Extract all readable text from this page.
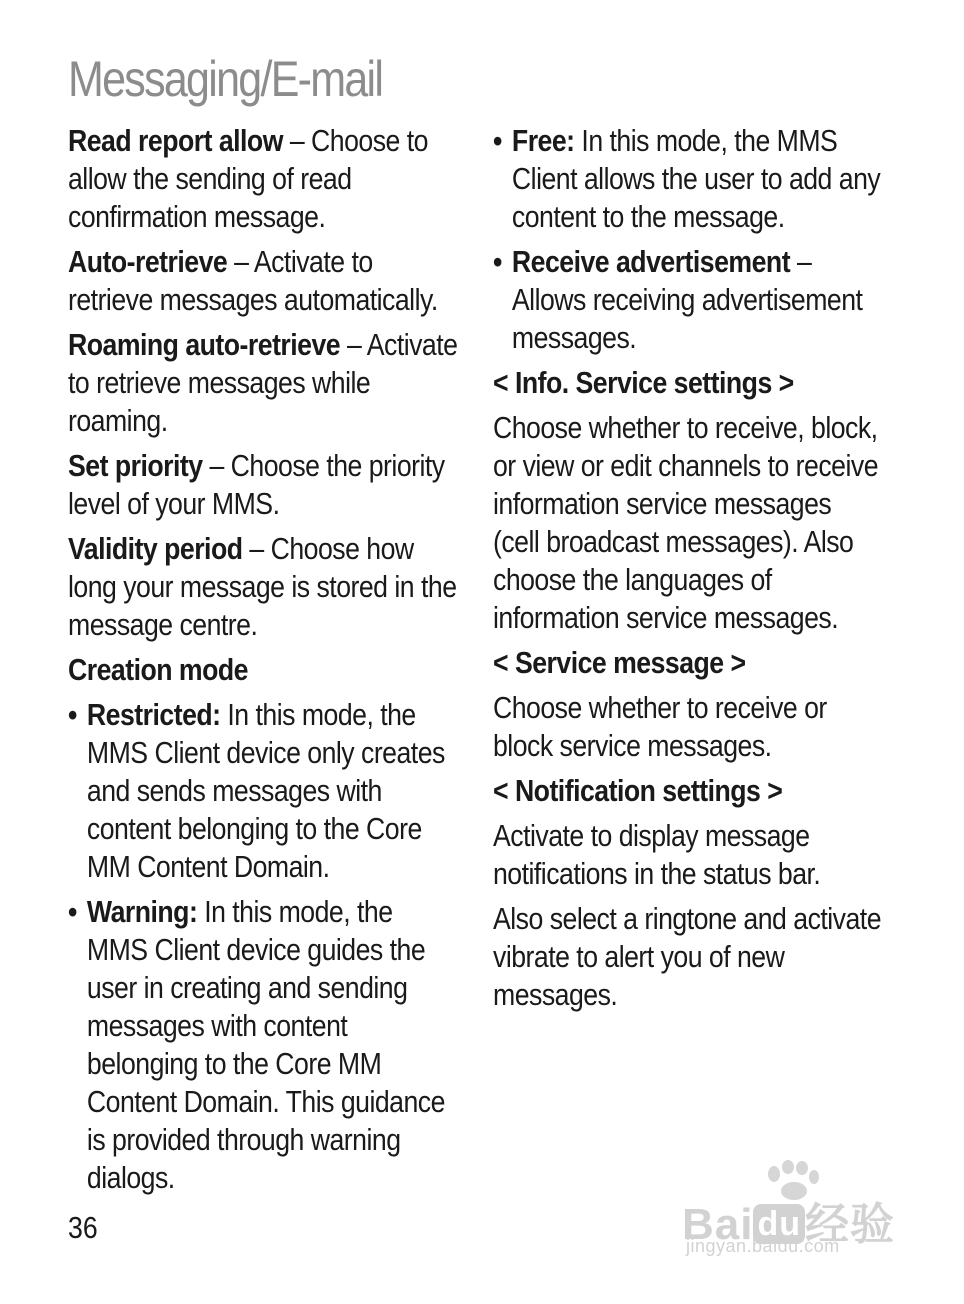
Messaging/E-mail

Read report allow – Choose to allow the sending of read confirmation message.

Auto-retrieve – Activate to retrieve messages automatically.

Roaming auto-retrieve – Activate to retrieve messages while roaming.

Set priority – Choose the priority level of your MMS.

Validity period – Choose how long your message is stored in the message centre.

Creation mode

• Restricted: In this mode, the MMS Client device only creates and sends messages with content belonging to the Core MM Content Domain.
• Warning: In this mode, the MMS Client device guides the user in creating and sending messages with content belonging to the Core MM Content Domain. This guidance is provided through warning dialogs.
• Free: In this mode, the MMS Client allows the user to add any content to the message.
• Receive advertisement – Allows receiving advertisement messages.

< Info. Service settings >

Choose whether to receive, block, or view or edit channels to receive information service messages (cell broadcast messages). Also choose the languages of information service messages.

< Service message >

Choose whether to receive or block service messages.

< Notification settings >

Activate to display message notifications in the status bar.

Also select a ringtone and activate vibrate to alert you of new messages.

36	Bai du经验
jingyan.baidu.com
